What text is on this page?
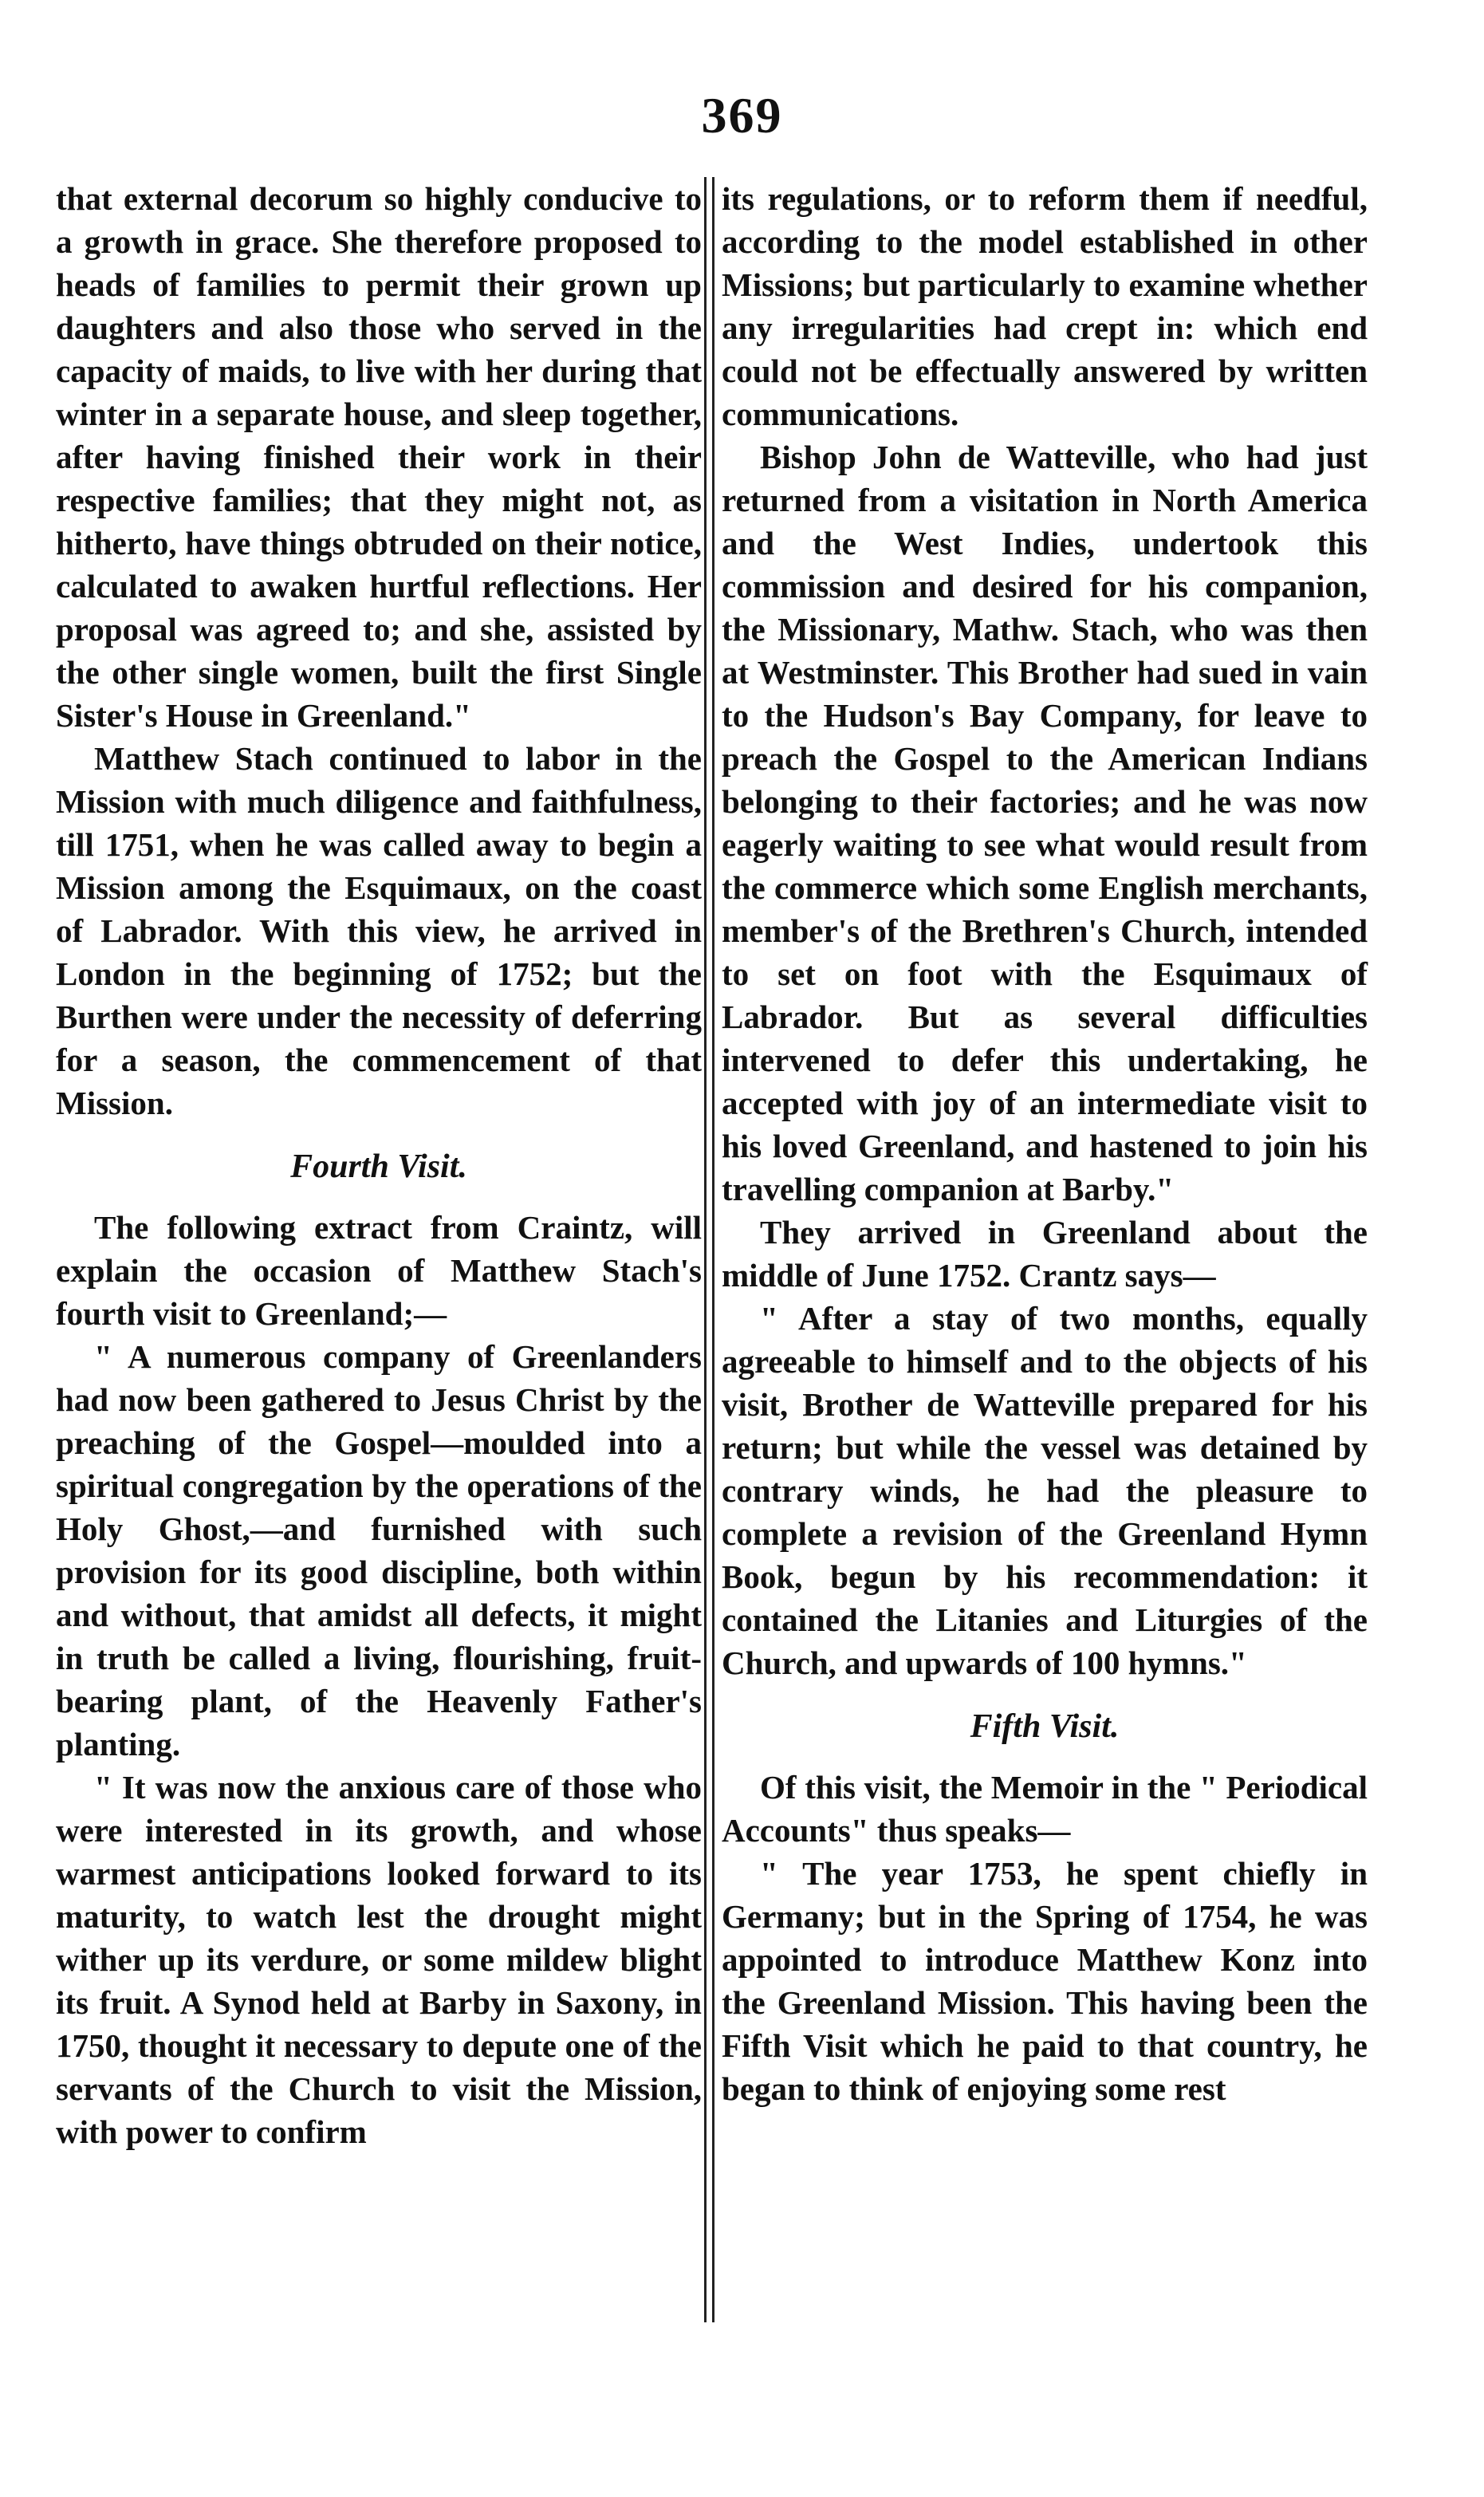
369

that external decorum so highly conducive to a growth in grace. She therefore proposed to heads of families to permit their grown up daughters and also those who served in the capacity of maids, to live with her during that winter in a separate house, and sleep together, after having finished their work in their respective families; that they might not, as hitherto, have things obtruded on their notice, calculated to awaken hurtful reflections. Her proposal was agreed to; and she, assisted by the other single women, built the first Single Sister's House in Greenland."

Matthew Stach continued to labor in the Mission with much diligence and faithfulness, till 1751, when he was called away to begin a Mission among the Esquimaux, on the coast of Labrador. With this view, he arrived in London in the beginning of 1752; but the Burthen were under the necessity of deferring for a season, the commencement of that Mission.

Fourth Visit.

The following extract from Craintz, will explain the occasion of Matthew Stach's fourth visit to Greenland;—

" A numerous company of Greenlanders had now been gathered to Jesus Christ by the preaching of the Gospel—moulded into a spiritual congregation by the operations of the Holy Ghost,—and furnished with such provision for its good discipline, both within and without, that amidst all defects, it might in truth be called a living, flourishing, fruit-bearing plant, of the Heavenly Father's planting.

" It was now the anxious care of those who were interested in its growth, and whose warmest anticipations looked forward to its maturity, to watch lest the drought might wither up its verdure, or some mildew blight its fruit. A Synod held at Barby in Saxony, in 1750, thought it necessary to depute one of the servants of the Church to visit the Mission, with power to confirm

its regulations, or to reform them if needful, according to the model established in other Missions; but particularly to examine whether any irregularities had crept in: which end could not be effectually answered by written communications.

Bishop John de Watteville, who had just returned from a visitation in North America and the West Indies, undertook this commission and desired for his companion, the Missionary, Mathw. Stach, who was then at Westminster. This Brother had sued in vain to the Hudson's Bay Company, for leave to preach the Gospel to the American Indians belonging to their factories; and he was now eagerly waiting to see what would result from the commerce which some English merchants, member's of the Brethren's Church, intended to set on foot with the Esquimaux of Labrador. But as several difficulties intervened to defer this undertaking, he accepted with joy of an intermediate visit to his loved Greenland, and hastened to join his travelling companion at Barby."

They arrived in Greenland about the middle of June 1752. Crantz says—

" After a stay of two months, equally agreeable to himself and to the objects of his visit, Brother de Watteville prepared for his return; but while the vessel was detained by contrary winds, he had the pleasure to complete a revision of the Greenland Hymn Book, begun by his recommendation: it contained the Litanies and Liturgies of the Church, and upwards of 100 hymns."

Fifth Visit.

Of this visit, the Memoir in the " Periodical Accounts" thus speaks—

" The year 1753, he spent chiefly in Germany; but in the Spring of 1754, he was appointed to introduce Matthew Konz into the Greenland Mission. This having been the Fifth Visit which he paid to that country, he began to think of enjoying some rest
